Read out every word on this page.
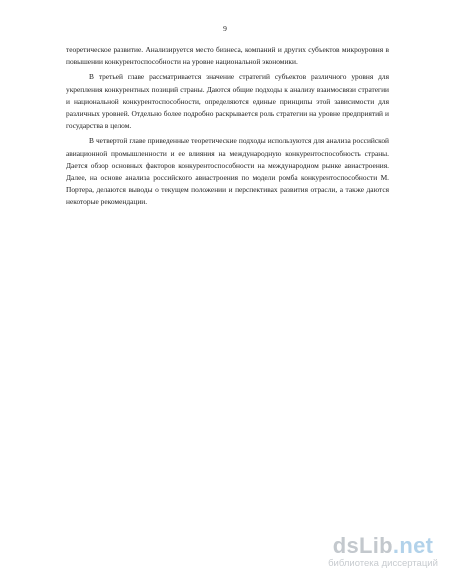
9

теоретическое развитие. Анализируется место бизнеса, компаний и других субъектов микроуровня в повышении конкурентоспособности на уровне национальной экономики.

В третьей главе рассматривается значение стратегий субъектов различного уровня для укрепления конкурентных позиций страны. Даются общие подходы к анализу взаимосвязи стратегии и национальной конкурентоспособности, определяются единые принципы этой зависимости для различных уровней. Отдельно более подробно раскрывается роль стратегии на уровне предприятий и государства в целом.

В четвертой главе приведенные теоретические подходы используются для анализа российской авиационной промышленности и ее влияния на международную конкурентоспособность страны. Дается обзор основных факторов конкурентоспособности на международном рынке авиастроения. Далее, на основе анализа российского авиастроения по модели ромба конкурентоспособности М. Портера, делаются выводы о текущем положении и перспективах развития отрасли, а также даются некоторые рекомендации.

dsLib.net
библиотека диссертаций
